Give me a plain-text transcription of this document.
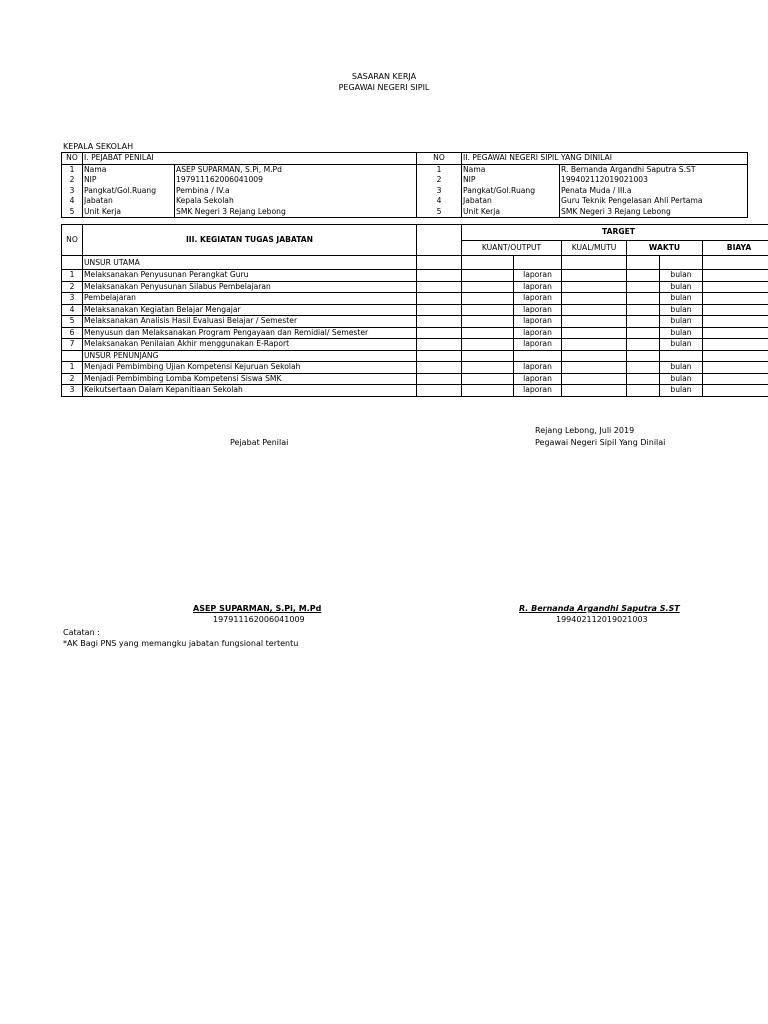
SASARAN KERJA
PEGAWAI NEGERI SIPIL
KEPALA SEKOLAH
NO	I. PEJABAT PENILAI		NO	II. PEGAWAI NEGERI SIPIL YANG DINILAI	
1	Nama	ASEP SUPARMAN, S.Pi, M.Pd	1	Nama	R. Bernanda Argandhi Saputra S.ST
2	NIP	197911162006041009	2	NIP	199402112019021003
3	Pangkat/Gol.Ruang	Pembina / IV.a	3	Pangkat/Gol.Ruang	Penata Muda / III.a
4	Jabatan	Kepala Sekolah	4	Jabatan	Guru Teknik Pengelasan Ahli Pertama
5	Unit Kerja	SMK Negeri 3 Rejang Lebong	5	Unit Kerja	SMK Negeri 3 Rejang Lebong
NO	III. KEGIATAN TUGAS JABATAN		TARGET					
			KUANT/OUTPUT		KUAL/MUTU	WAKTU		BIAYA
	UNSUR UTAMA							
1	Melaksanakan Penyusunan Perangkat Guru			laporan			bulan	
2	Melaksanakan Penyusunan Silabus Pembelajaran			laporan			bulan	
3	Pembelajaran			laporan			bulan	
4	Melaksanakan Kegiatan Belajar Mengajar			laporan			bulan	
5	Melaksanakan Analisis Hasil Evaluasi Belajar / Semester			laporan			bulan	
6	Menyusun dan Melaksanakan Program Pengayaan dan Remidial/ Semester			laporan			bulan	
7	Melaksanakan Penilaian Akhir menggunakan E-Raport			laporan			bulan	
	UNSUR PENUNJANG							
1	Menjadi Pembimbing Ujian Kompetensi Kejuruan Sekolah			laporan			bulan	
2	Menjadi Pembimbing Lomba Kompetensi Siswa SMK			laporan			bulan	
3	Keikutsertaan Dalam Kepanitiaan Sekolah			laporan			bulan	
Rejang Lebong, Juli 2019
Pejabat Penilai	Pegawai Negeri Sipil Yang Dinilai
ASEP SUPARMAN, S.Pi, M.Pd
197911162006041009
R. Bernanda Argandhi Saputra S.ST
199402112019021003
Catatan :
*AK Bagi PNS yang memangku jabatan fungsional tertentu
